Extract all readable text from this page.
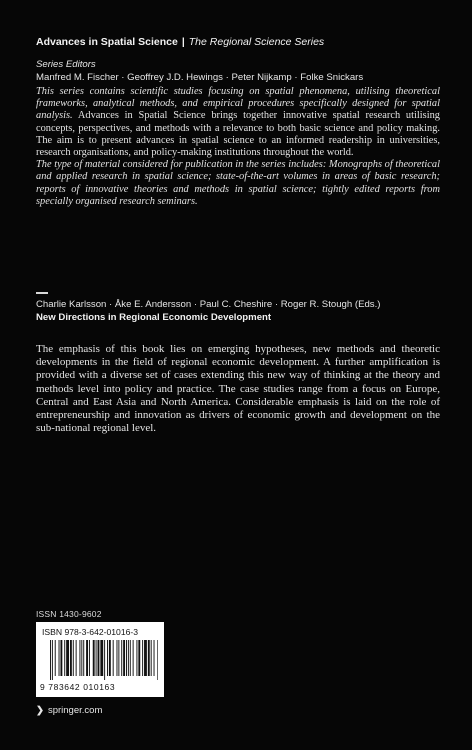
Advances in Spatial Science | The Regional Science Series
Series Editors
Manfred M. Fischer · Geoffrey J.D. Hewings · Peter Nijkamp · Folke Snickars

This series contains scientific studies focusing on spatial phenomena, utilising theoretical frameworks, analytical methods, and empirical procedures specifically designed for spatial analysis. Advances in Spatial Science brings together innovative spatial research utilising concepts, perspectives, and methods with a relevance to both basic science and policy making. The aim is to present advances in spatial science to an informed readership in universities, research organisations, and policy-making institutions throughout the world.

The type of material considered for publication in the series includes: Monographs of theoretical and applied research in spatial science; state-of-the-art volumes in areas of basic research; reports of innovative theories and methods in spatial science; tightly edited reports from specially organised research seminars.

Charlie Karlsson · Åke E. Andersson · Paul C. Cheshire · Roger R. Stough (Eds.)
New Directions in Regional Economic Development

The emphasis of this book lies on emerging hypotheses, new methods and theoretic developments in the field of regional economic development. A further amplification is provided with a diverse set of cases extending this new way of thinking at the theory and methods level into policy and practice. The case studies range from a focus on Europe, Central and East Asia and North America. Considerable emphasis is laid on the role of entrepreneurship and innovation as drivers of economic growth and development on the sub-national regional level.

ISSN 1430-9602
ISBN 978-3-642-01016-3
9 783642 010163
❯ springer.com
